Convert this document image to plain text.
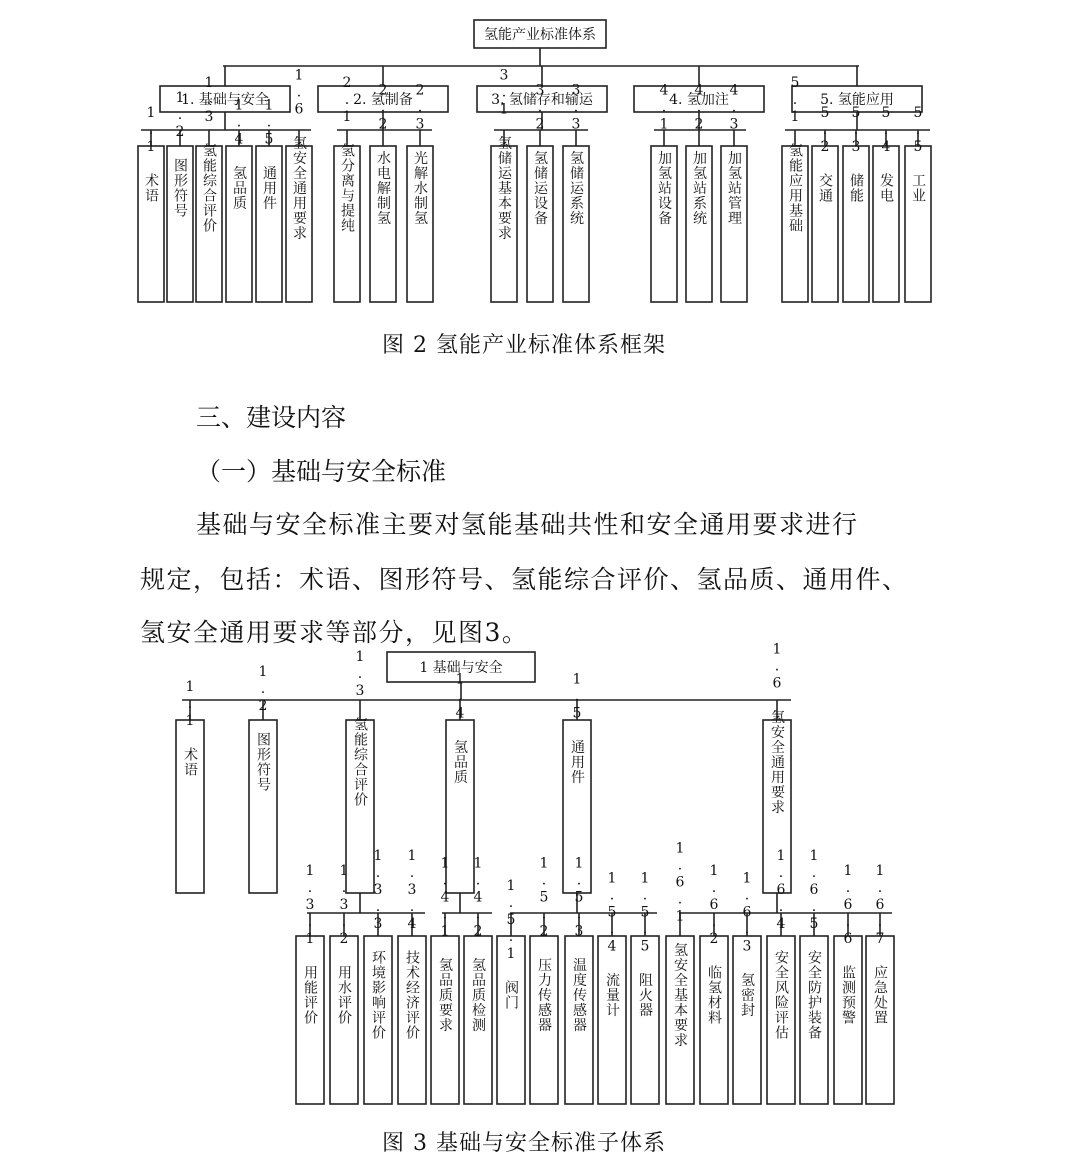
氢能产业标准体系
1. 基础与安全
1.1 术语 1.2 图形符号 1.3 氢能综合评价 1.4 氢品质 1.5 通用件 1.6 氢安全通用要求	2. 氢制备
2.1 氢分离与提纯 2.2 水电解制氢 2.3 光解水制氢	3. 氢储存和输运
3.1 氢储运基本要求 3.2 氢储运设备 3.3 氢储运系统	4. 氢加注
4.1 加氢站设备 4.2 加氢站系统 4.3 加氢站管理	5. 氢能应用
5.1 氢能应用基础 5.2 交通 5.3 储能 5.4 发电 5.5 工业
1 基础与安全
1.1 术语	1.2 图形符号	1.3 氢能综合评价	1.4 氢品质	1.5 通用件	1.6 氢安全通用要求
1.3.1 用能评价 1.3.2 用水评价 1.3.3 环境影响评价 1.3.4 技术经济评价 1.4.1 氢品质要求 1.4.2 氢品质检测 1.5.1 阀门 1.5.2 压力传感器 1.5.3 温度传感器 1.5.4 流量计 1.5.5 阻火器 1.6.1 氢安全基本要求 1.6.2 临氢材料 1.6.3 氢密封 1.6.4 安全风险评估 1.6.5 安全防护装备 1.6.6 监测预警 1.6.7 应急处置
图 2 氢能产业标准体系框架
三、建设内容
（一）基础与安全标准
基础与安全标准主要对氢能基础共性和安全通用要求进行
规定，包括：术语、图形符号、氢能综合评价、氢品质、通用件、
氢安全通用要求等部分，见图3。
图 3 基础与安全标准子体系
